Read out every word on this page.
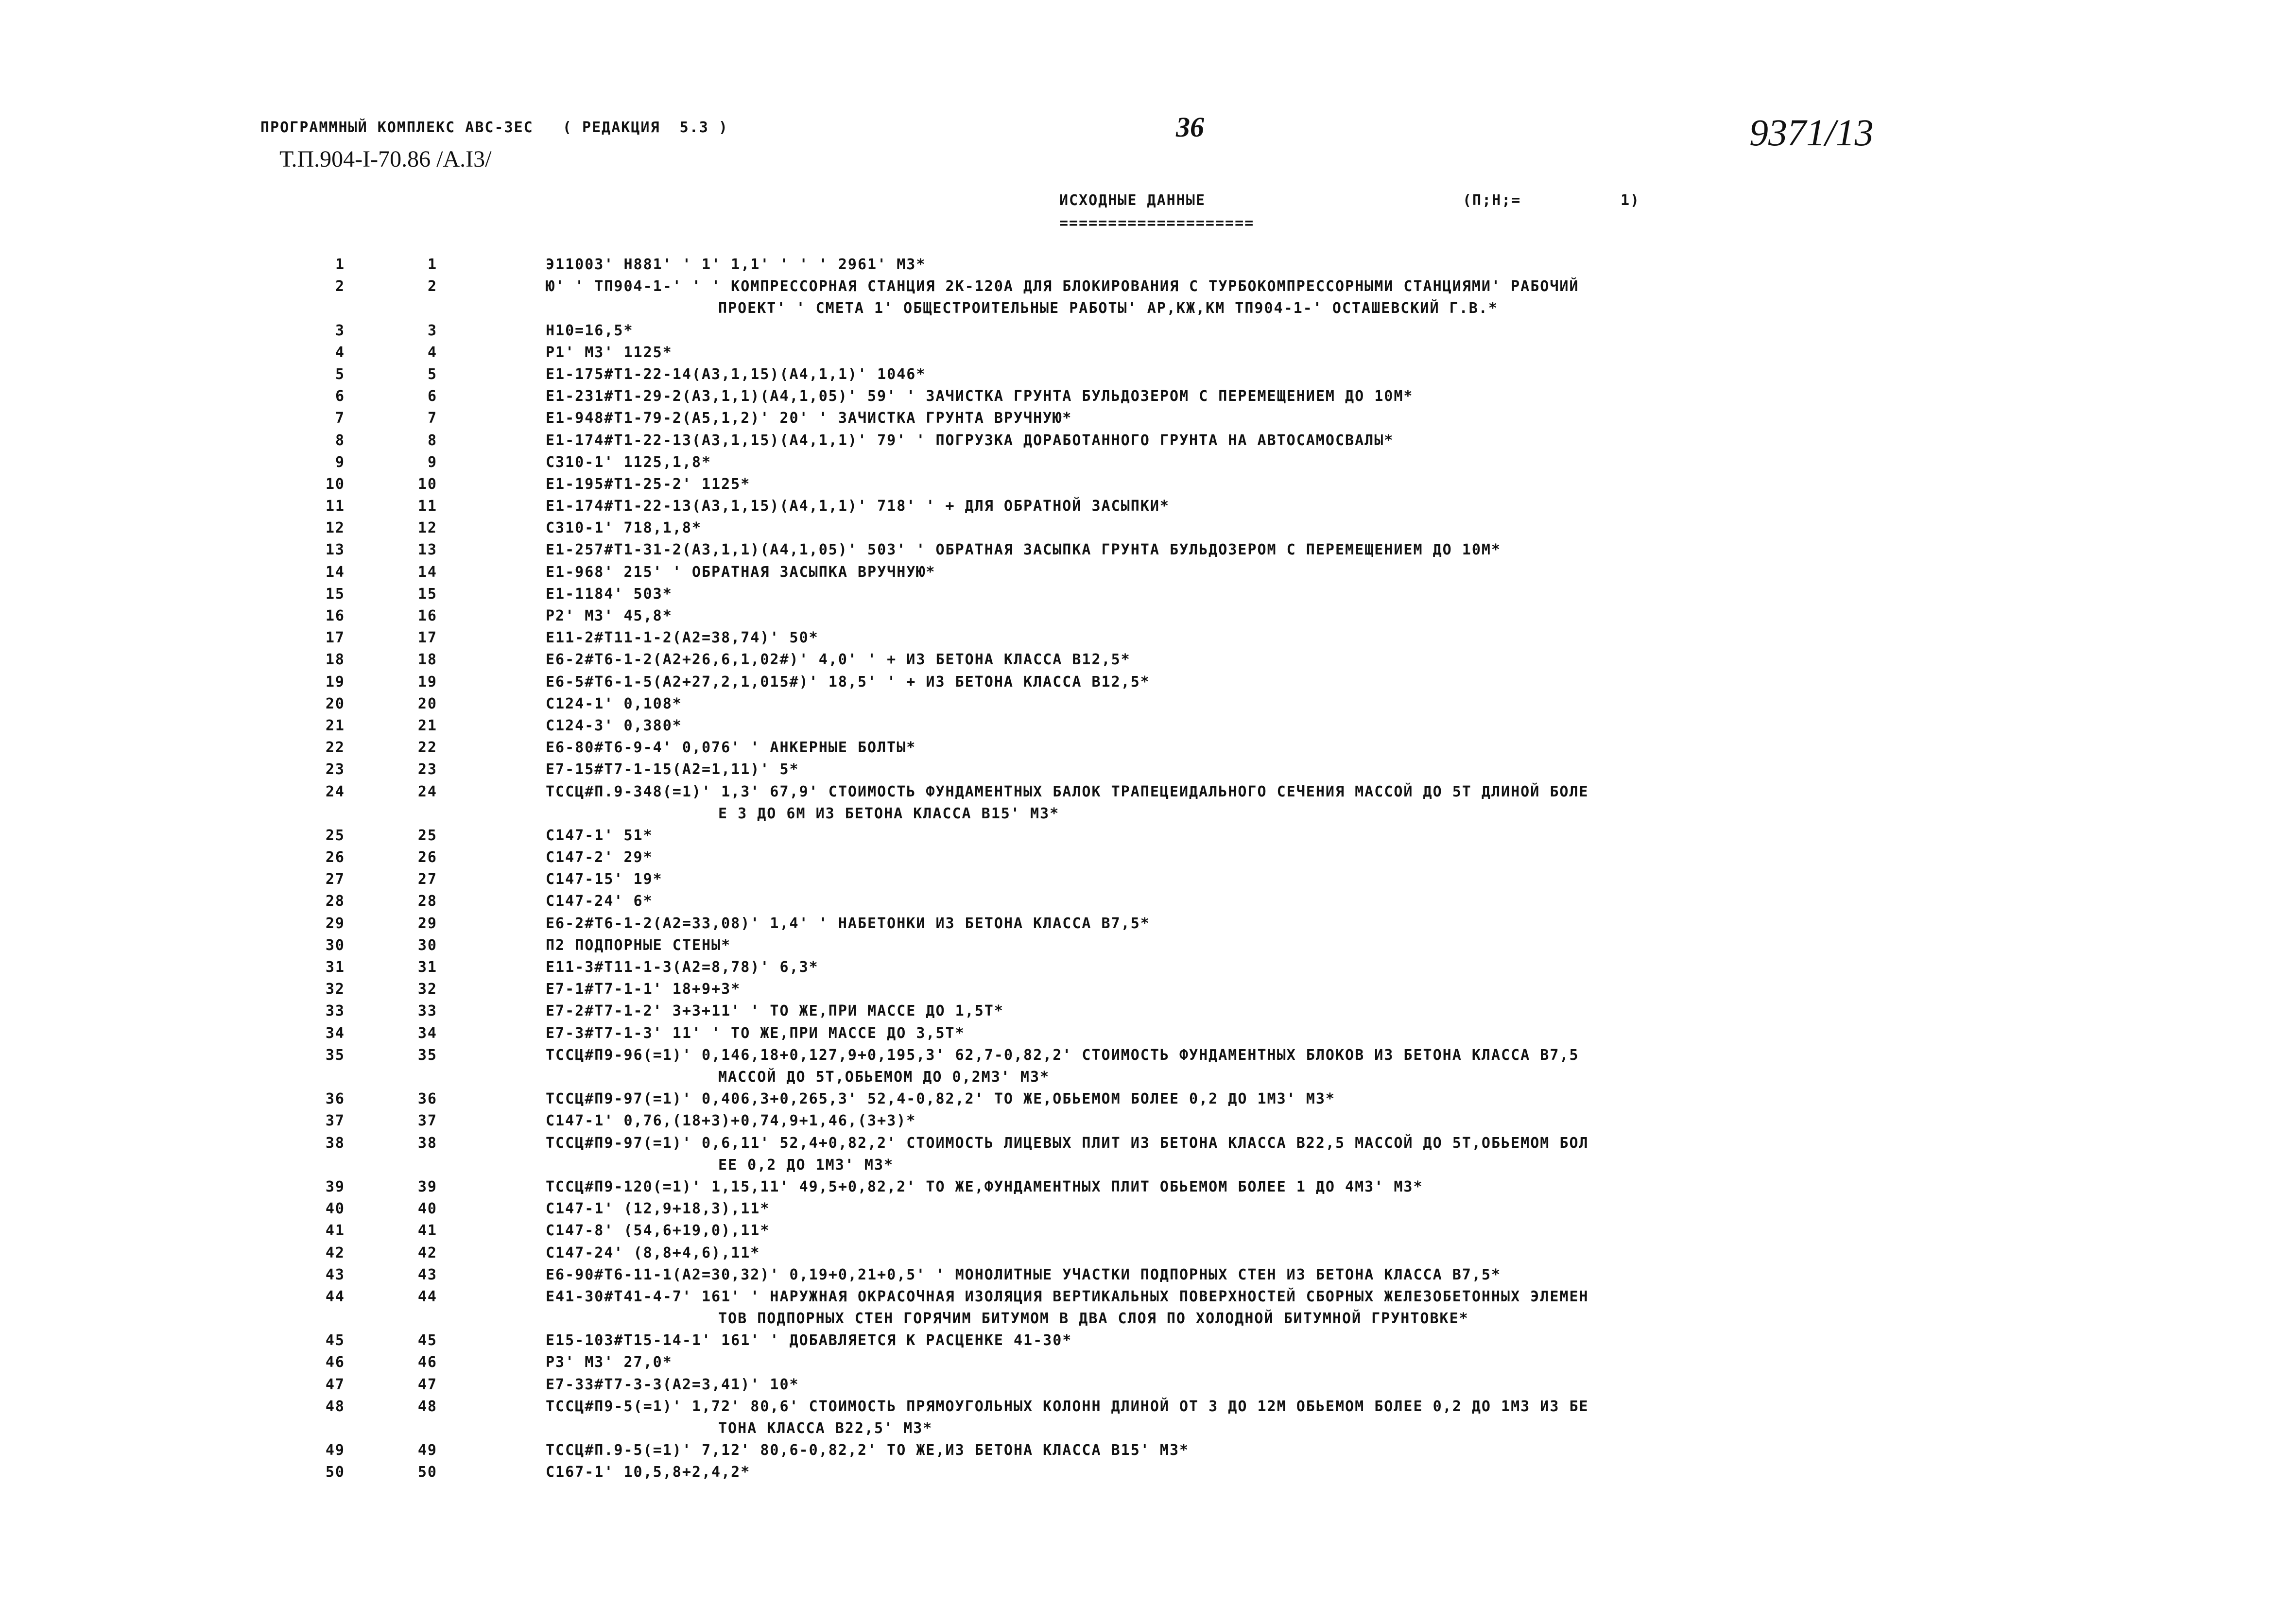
ПРОГРАММНЫЙ КОМПЛЕКС АВС-3ЕС   ( РЕДАКЦИЯ  5.3 )
Т.П.904-I-70.86 /А.I3/
36	9371/13
ИСХОДНЫЕ ДАННЫЕ
====================
(П;Н;=	1)
1	1	Э11003' Н881' ' 1' 1,1' ' ' ' 2961' М3*
2	2	Ю' ' ТП904-1-' ' ' КОМПРЕССОРНАЯ СТАНЦИЯ 2К-120А ДЛЯ БЛОКИРОВАНИЯ С ТУРБОКОМПРЕССОРНЫМИ СТАНЦИЯМИ' РАБОЧИЙ
ПРОЕКТ' ' СМЕТА 1' ОБЩЕСТРОИТЕЛЬНЫЕ РАБОТЫ' АР,КЖ,КМ ТП904-1-' ОСТАШЕВСКИЙ Г.В.*
3	3	Н10=16,5*
4	4	Р1' М3' 1125*
5	5	Е1-175#Т1-22-14(А3,1,15)(А4,1,1)' 1046*
6	6	Е1-231#Т1-29-2(А3,1,1)(А4,1,05)' 59' ' ЗАЧИСТКА ГРУНТА БУЛЬДОЗЕРОМ С ПЕРЕМЕЩЕНИЕМ ДО 10М*
7	7	Е1-948#Т1-79-2(А5,1,2)' 20' ' ЗАЧИСТКА ГРУНТА ВРУЧНУЮ*
8	8	Е1-174#Т1-22-13(А3,1,15)(А4,1,1)' 79' ' ПОГРУЗКА ДОРАБОТАННОГО ГРУНТА НА АВТОСАМОСВАЛЫ*
9	9	С310-1' 1125,1,8*
10	10	Е1-195#Т1-25-2' 1125*
11	11	Е1-174#Т1-22-13(А3,1,15)(А4,1,1)' 718' ' + ДЛЯ ОБРАТНОЙ ЗАСЫПКИ*
12	12	С310-1' 718,1,8*
13	13	Е1-257#Т1-31-2(А3,1,1)(А4,1,05)' 503' ' ОБРАТНАЯ ЗАСЫПКА ГРУНТА БУЛЬДОЗЕРОМ С ПЕРЕМЕЩЕНИЕМ ДО 10М*
14	14	Е1-968' 215' ' ОБРАТНАЯ ЗАСЫПКА ВРУЧНУЮ*
15	15	Е1-1184' 503*
16	16	Р2' М3' 45,8*
17	17	Е11-2#Т11-1-2(А2=38,74)' 50*
18	18	Е6-2#Т6-1-2(А2+26,6,1,02#)' 4,0' ' + ИЗ БЕТОНА КЛАССА В12,5*
19	19	Е6-5#Т6-1-5(А2+27,2,1,015#)' 18,5' ' + ИЗ БЕТОНА КЛАССА В12,5*
20	20	С124-1' 0,108*
21	21	С124-3' 0,380*
22	22	Е6-80#Т6-9-4' 0,076' ' АНКЕРНЫЕ БОЛТЫ*
23	23	Е7-15#Т7-1-15(А2=1,11)' 5*
24	24	ТССЦ#П.9-348(=1)' 1,3' 67,9' СТОИМОСТЬ ФУНДАМЕНТНЫХ БАЛОК ТРАПЕЦЕИДАЛЬНОГО СЕЧЕНИЯ МАССОЙ ДО 5Т ДЛИНОЙ БОЛЕ
Е 3 ДО 6М ИЗ БЕТОНА КЛАССА В15' М3*
25	25	С147-1' 51*
26	26	С147-2' 29*
27	27	С147-15' 19*
28	28	С147-24' 6*
29	29	Е6-2#Т6-1-2(А2=33,08)' 1,4' ' НАБЕТОНКИ ИЗ БЕТОНА КЛАССА В7,5*
30	30	П2 ПОДПОРНЫЕ СТЕНЫ*
31	31	Е11-3#Т11-1-3(А2=8,78)' 6,3*
32	32	Е7-1#Т7-1-1' 18+9+3*
33	33	Е7-2#Т7-1-2' 3+3+11' ' ТО ЖЕ,ПРИ МАССЕ ДО 1,5Т*
34	34	Е7-3#Т7-1-3' 11' ' ТО ЖЕ,ПРИ МАССЕ ДО 3,5Т*
35	35	ТССЦ#П9-96(=1)' 0,146,18+0,127,9+0,195,3' 62,7-0,82,2' СТОИМОСТЬ ФУНДАМЕНТНЫХ БЛОКОВ ИЗ БЕТОНА КЛАССА В7,5
МАССОЙ ДО 5Т,ОБЬЕМОМ ДО 0,2М3' М3*
36	36	ТССЦ#П9-97(=1)' 0,406,3+0,265,3' 52,4-0,82,2' ТО ЖЕ,ОБЬЕМОМ БОЛЕЕ 0,2 ДО 1М3' М3*
37	37	С147-1' 0,76,(18+3)+0,74,9+1,46,(3+3)*
38	38	ТССЦ#П9-97(=1)' 0,6,11' 52,4+0,82,2' СТОИМОСТЬ ЛИЦЕВЫХ ПЛИТ ИЗ БЕТОНА КЛАССА В22,5 МАССОЙ ДО 5Т,ОБЬЕМОМ БОЛ
ЕЕ 0,2 ДО 1М3' М3*
39	39	ТССЦ#П9-120(=1)' 1,15,11' 49,5+0,82,2' ТО ЖЕ,ФУНДАМЕНТНЫХ ПЛИТ ОБЬЕМОМ БОЛЕЕ 1 ДО 4М3' М3*
40	40	С147-1' (12,9+18,3),11*
41	41	С147-8' (54,6+19,0),11*
42	42	С147-24' (8,8+4,6),11*
43	43	Е6-90#Т6-11-1(А2=30,32)' 0,19+0,21+0,5' ' МОНОЛИТНЫЕ УЧАСТКИ ПОДПОРНЫХ СТЕН ИЗ БЕТОНА КЛАССА В7,5*
44	44	Е41-30#Т41-4-7' 161' ' НАРУЖНАЯ ОКРАСОЧНАЯ ИЗОЛЯЦИЯ ВЕРТИКАЛЬНЫХ ПОВЕРХНОСТЕЙ СБОРНЫХ ЖЕЛЕЗОБЕТОННЫХ ЭЛЕМЕН
ТОВ ПОДПОРНЫХ СТЕН ГОРЯЧИМ БИТУМОМ В ДВА СЛОЯ ПО ХОЛОДНОЙ БИТУМНОЙ ГРУНТОВКЕ*
45	45	Е15-103#Т15-14-1' 161' ' ДОБАВЛЯЕТСЯ К РАСЦЕНКЕ 41-30*
46	46	Р3' М3' 27,0*
47	47	Е7-33#Т7-3-3(А2=3,41)' 10*
48	48	ТССЦ#П9-5(=1)' 1,72' 80,6' СТОИМОСТЬ ПРЯМОУГОЛЬНЫХ КОЛОНН ДЛИНОЙ ОТ 3 ДО 12М ОБЬЕМОМ БОЛЕЕ 0,2 ДО 1М3 ИЗ БЕ
ТОНА КЛАССА В22,5' М3*
49	49	ТССЦ#П.9-5(=1)' 7,12' 80,6-0,82,2' ТО ЖЕ,ИЗ БЕТОНА КЛАССА В15' М3*
50	50	С167-1' 10,5,8+2,4,2*
